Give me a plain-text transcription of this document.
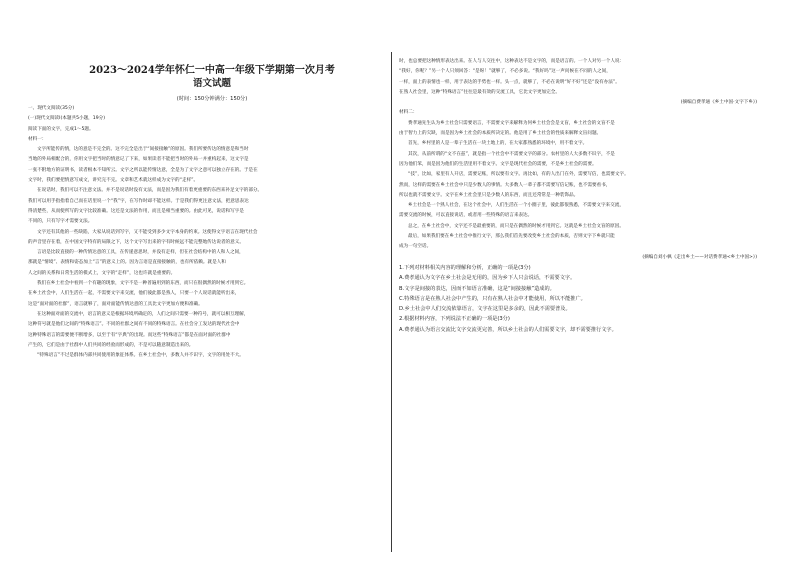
2023～2024学年怀仁一中高一年级下学期第一次月考
语文试题
(时间：150分钟满分：150分)
一、现代文阅读(35分)
(一)现代文阅读Ⅰ(本题共5小题，19分)
阅读下面的文字，完成1～5题。
材料一：
文字所能传的情，达的意是不完全的。这不完全是出于“间接接触”的原因。我们所要传达的情意是和当时
当地的外局相配合的，你用文字把当时的情意记了下来，如果读者不能把当时的外局一并重构起来，这文字是
一张不附地方的证明书，读者根本不知所云。文字之所以能传情达意，全是为了文字之意可以独立存在的。于是在
文字时，我们要把情意写成文，讲究完不完。文章和艺术就这样成为文字的“走样”。
在说话时，我们可以不注意文法。并不是说话时没有文法，而是因为我们有着更重要的东西来补足文字的部分。
我们可以用手指指着自己而在话里说一个“我”字，在写作时却不能这样。于是我们得更注意文法，把意思表达
得清楚些，从而使所写的文字比较准确。这还是文法的作用，而且是相当重要的。由此可见，说话和写字是
不同的，只有写字才需要文法。
文字还有其他的一些缺陷，大家从说话到写字，又不能受到多少文字本身的约束。这使得文字语言在现代社会
的声音里存在着，在中国文字特有的局限之下，这个文字写出来的字有时候远不能完整地传达说者的意义。
言语是比较直接的一种传情达意的工具，在传递意思时，并没有走样，但在社会结构中的人和人之间，
那就是“情境”、表情和姿态加上“言”的意义上的。因为言语是直接接触的，也有所依赖。就是人和
人之间的关系和日常生活的模式上，文字的“走样”，这也许就是重要的。
我们在乡土社会中看到一个有趣的现象，文字不是一种普遍用到的东西，而只在很偶然的时候才用到它。
在乡土社会中，人们生活在一起，不需要文字来交流，他们彼此都是熟人，只要一个人说话就能听出来，
这是“面对面的社群”，语言就够了，面对面能传情达意的工具比文字更加方便和准确。
在这种面对面的交流中，语言的意义是根据环境所确定的，人们之间只需要一种符号，就可以相互理解，
这种符号就是他们之间的“特殊语言”。不同的社群之间有不同的特殊语言。在社会分工发达的现代社会中
这种特殊语言的需要便不断增多，以至于有“字典”的出现。而这些“特殊语言”都是在面对面的社群中
产生的，它们是由于社群中人们共同的经验而形成的，不是可以随意制造出来的。
“特殊语言”不过是群体内部共同使用的象征体系。在乡土社会中，多数人并不识字，文字的用处不大。
时，也总要把这种情形表达出来。在人与人交往中，这种表达不是文字的，而是语言的。一个人对另一个人说：
“我好，你呢？”另一个人只须回答：“是呀！”就够了，不必多说。“我好吗”这一声问候在不同的人之间，
一样，面上的表情也一样，用于表达的手势也一样。头一点，就够了，不必在说明“好不好”还是“没有办法”。
在熟人社会里，这种“特殊语言”往往是最有效的交流工具，它比文字更加完全。
(摘编自费孝通《乡土中国·文字下乡》)
材料二：
费孝通先生认为乡土社会只需要语言，不需要文字来解释为何乡土社会会是文盲，乡土社会的文盲不是
由于智力上的欠缺，而是因为乡土社会的本质所决定的。他是用了乡土社会的性质来解释文盲问题。
首先，乡村里的人是一辈子生活在一块土地上的，在大家都熟悉的环境中，用不着文字。
其次，从前所谓的“文不在兹”，就是指一个社会中不需要文字的部分。农村里的人大多数不识字，不是
因为他们笨，而是因为他们的生活里用不着文字。文字是现代社会的需要，不是乡土社会的需要。
“技”，比如，家里有人开店，需要记账，所以要有文字。再比如，有的人出门在外，需要写信，也需要文字。
然而，这样的需要在乡土社会中只是少数人的事情。大多数人一辈子都不需要写信记账，也不需要看书，
所以也就不需要文字。文字在乡土社会里只是少数人的东西，而且还常常是一种装饰品。
乡土社会是一个熟人社会，在这个社会中，人们生活在一个小圈子里，彼此都很熟悉，不需要文字来交流，
需要交流的时候，可以直接说话，或者用一些特殊的语言来表达。
总之，在乡土社会中，文字还不是最重要的，而只是在偶然的时候才用到它。这就是乡土社会文盲的原因。
最后，如果我们要在乡土社会中推行文字，那么我们首先要改变乡土社会的本质，否则文字下乡就只能
成为一句空话。
(摘编自刘小枫《走出乡土——对话费孝通<乡土中国>》)
1.下列对材料相关内容的理解和分析，正确的一项是(3分)
A.费孝通认为文字在乡土社会是无用的，因为乡下人只会说话，不需要文字。
B.文字是间接的表达，因而不如语言准确，这是“间接接触”造成的。
C.特殊语言是在熟人社会中产生的，只有在熟人社会中才能使用，所以不能推广。
D.乡土社会中人们交流依靠语言，文字在这里是多余的，因此不需要普及。
2.根据材料内容，下列说法不正确的一项是(3分)
A.费孝通认为语言交流比文字交流更完善，所以乡土社会的人们需要文字，却不需要推行文字。
